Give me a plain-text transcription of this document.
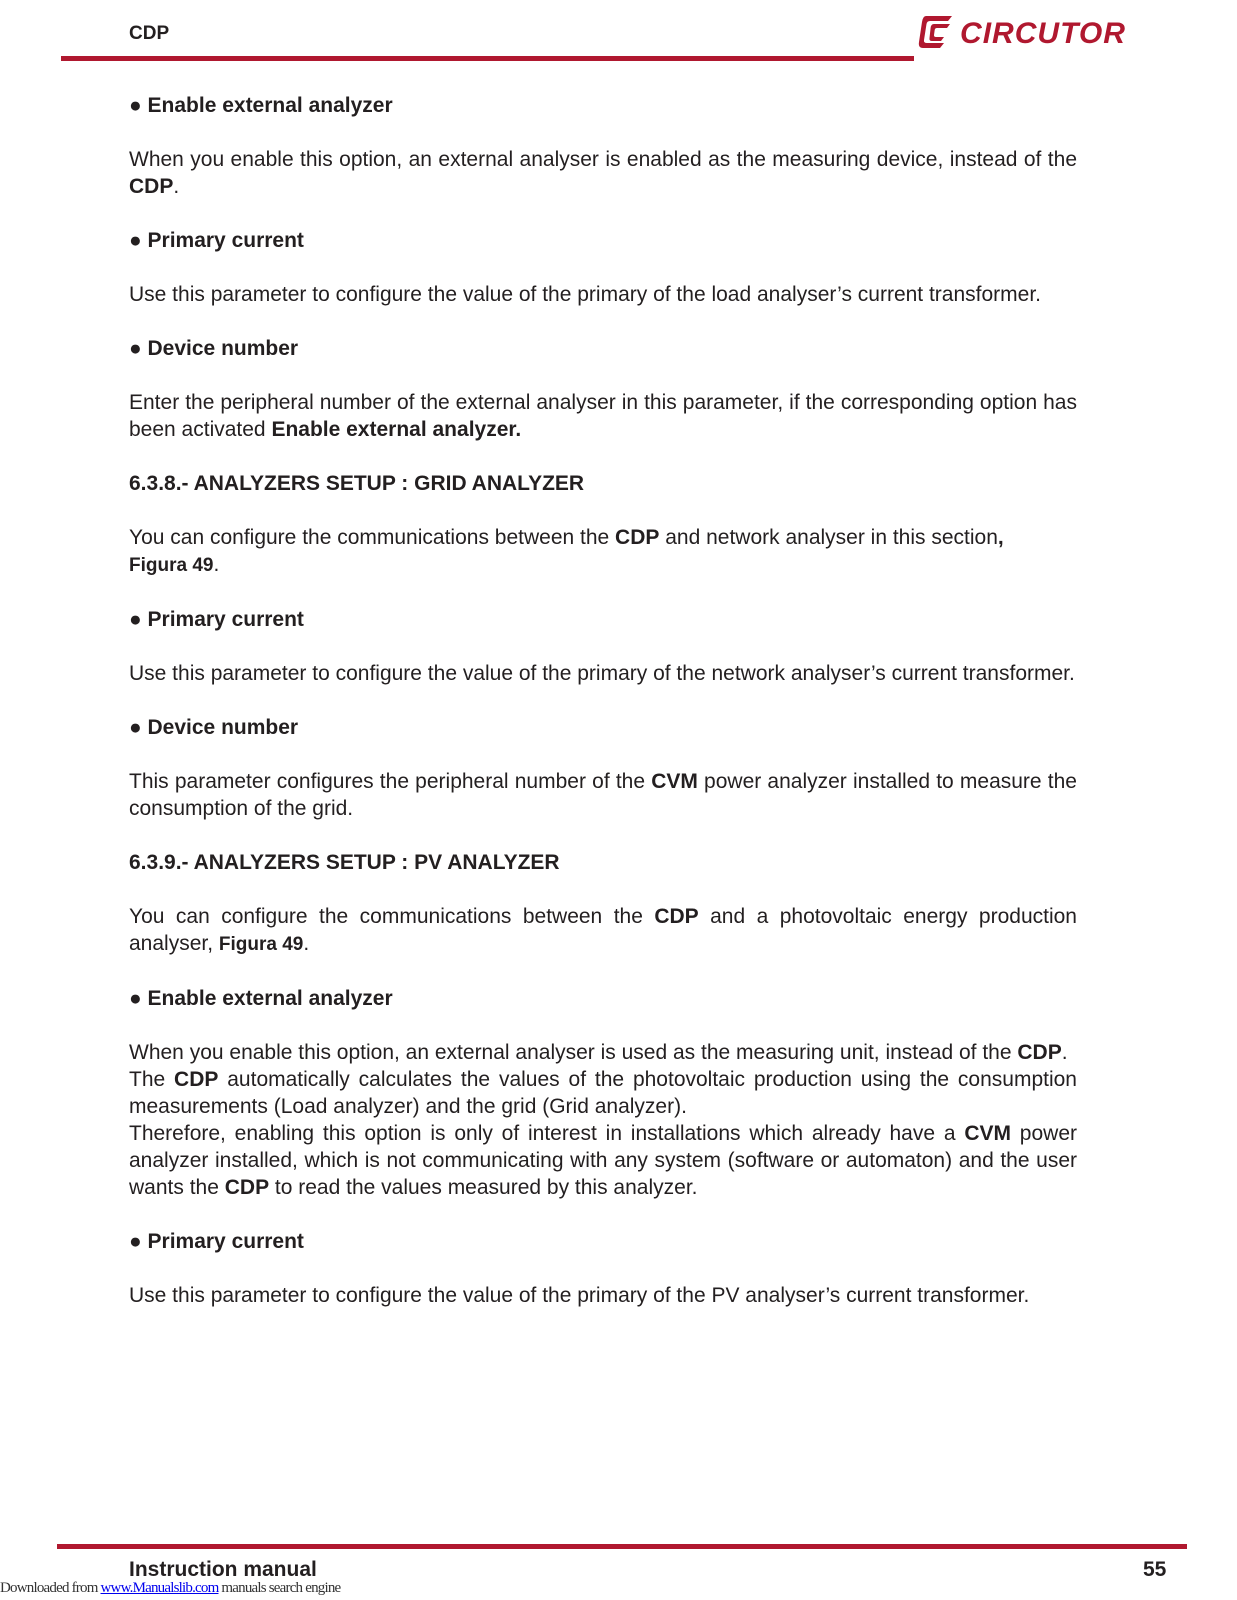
CDP	CIRCUTOR

● Enable external analyzer

When you enable this option, an external analyser is enabled as the measuring device, instead of the CDP.

● Primary current

Use this parameter to configure the value of the primary of the load analyser’s current transformer.

● Device number

Enter the peripheral number of the external analyser in this parameter, if the corresponding option has been activated Enable external analyzer.

6.3.8.- ANALYZERS SETUP : GRID ANALYZER

You can configure the communications between the CDP and network analyser in this section,
Figura 49.

● Primary current

Use this parameter to configure the value of the primary of the network analyser’s current transformer.

● Device number

This parameter configures the peripheral number of the CVM power analyzer installed to measure the consumption of the grid.

6.3.9.- ANALYZERS SETUP : PV ANALYZER

You can configure the communications between the CDP and a photovoltaic energy production analyser, Figura 49.

● Enable external analyzer

When you enable this option, an external analyser is used as the measuring unit, instead of the CDP.

The CDP automatically calculates the values of the photovoltaic production using the consumption measurements (Load analyzer) and the grid (Grid analyzer).

Therefore, enabling this option is only of interest in installations which already have a CVM power analyzer installed, which is not communicating with any system (software or automaton) and the user wants the CDP to read the values measured by this analyzer.

● Primary current

Use this parameter to configure the value of the primary of the PV analyser’s current transformer.

Instruction manual	55
Downloaded from www.Manualslib.com manuals search engine
